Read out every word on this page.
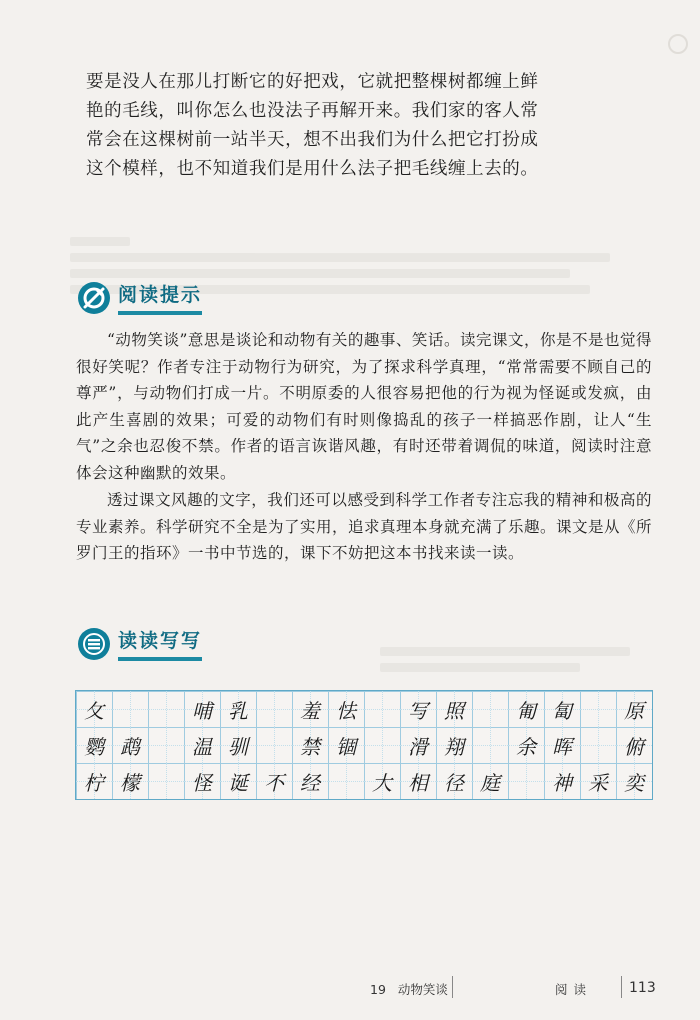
要是没人在那儿打断它的好把戏，它就把整棵树都缠上鲜艳的毛线，叫你怎么也没法子再解开来。我们家的客人常常会在这棵树前一站半天，想不出我们为什么把它打扮成这个模样，也不知道我们是用什么法子把毛线缠上去的。
阅读提示

“动物笑谈”意思是谈论和动物有关的趣事、笑话。读完课文，你是不是也觉得很好笑呢？作者专注于动物行为研究，为了探求科学真理，“常常需要不顾自己的尊严”，与动物们打成一片。不明原委的人很容易把他的行为视为怪诞或发疯，由此产生喜剧的效果；可爱的动物们有时则像捣乱的孩子一样搞恶作剧，让人“生气”之余也忍俊不禁。作者的语言诙谐风趣，有时还带着调侃的味道，阅读时注意体会这种幽默的效果。

透过课文风趣的文字，我们还可以感受到科学工作者专注忘我的精神和极高的专业素养。科学研究不全是为了实用，追求真理本身就充满了乐趣。课文是从《所罗门王的指环》一书中节选的，课下不妨把这本书找来读一读。

读读写写
攵	哺 乳	羞 怯	写 照	匍 匐	原
鹦 鹉	温 驯	禁 锢	滑 翔	余 晖	俯
柠 檬	怪 诞 不 经	大 相 径 庭	神 采 奕
19 动物笑谈	阅读	113
